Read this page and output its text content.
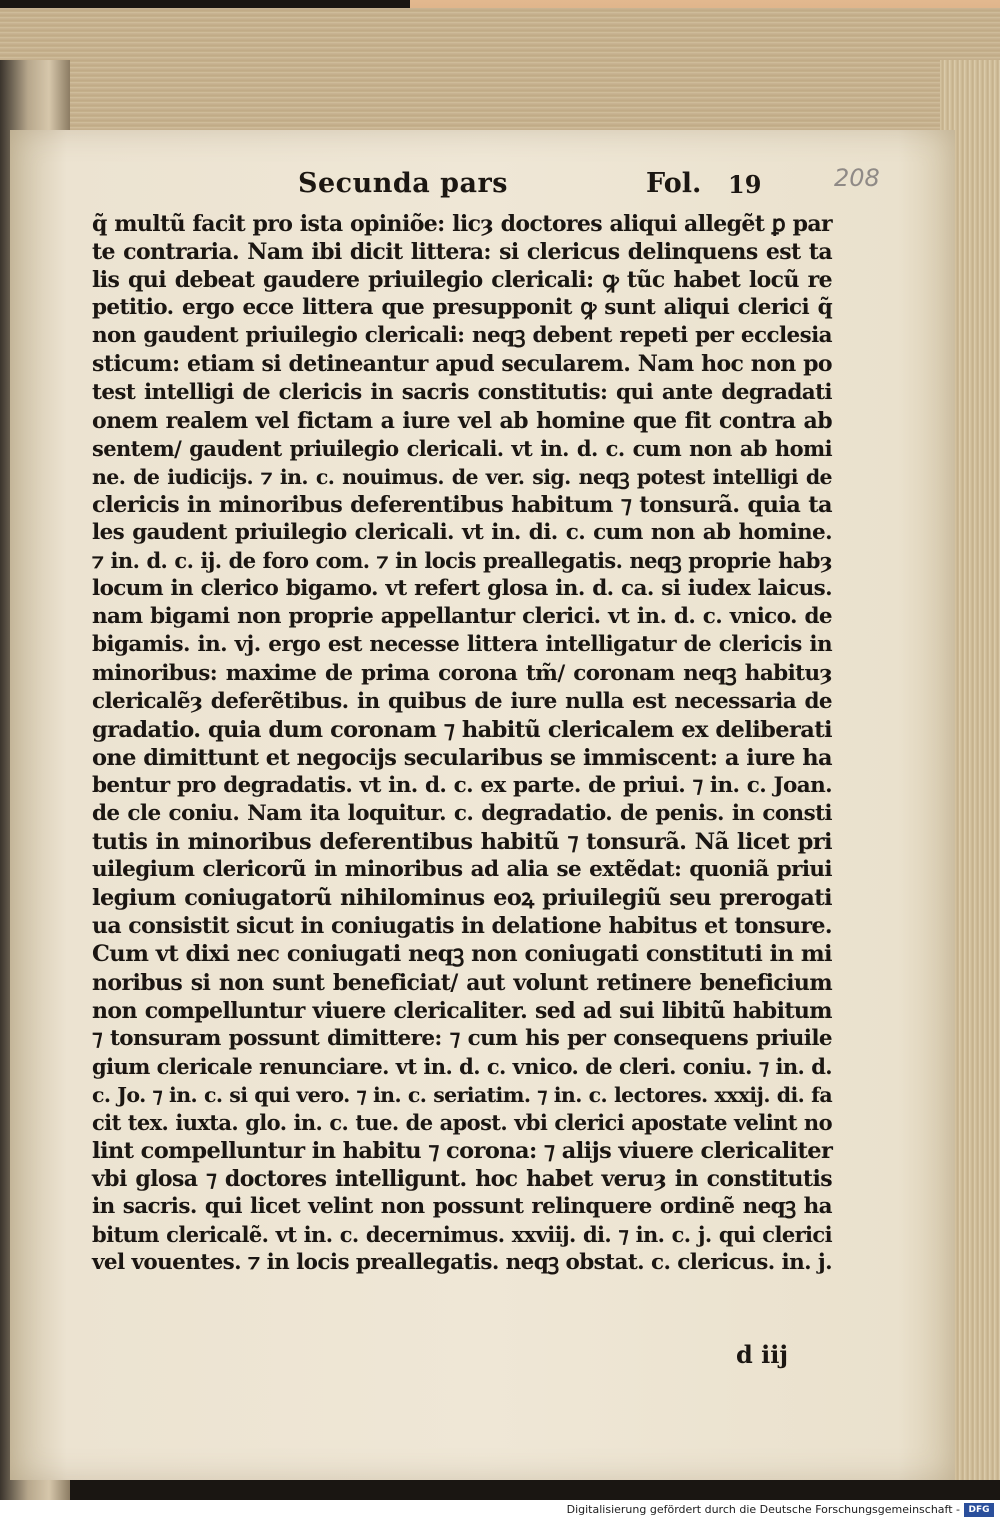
Secunda pars	Fol. 19	208
q̃ multũ facit pro ista opiniõe: licȝ doctores aliqui allegẽt ꝑ par
te contraria. Nam ibi dicit littera: si clericus delinquens est ta
lis qui debeat gaudere priuilegio clericali: ꝙ tũc habet locũ re
petitio. ergo ecce littera que presupponit ꝙ sunt aliqui clerici q̃
non gaudent priuilegio clericali: neqꝫ debent repeti per ecclesia
sticum: etiam si detineantur apud secularem. Nam hoc non po
test intelligi de clericis in sacris constitutis: qui ante degradati
onem realem vel fictam a iure vel ab homine que fit contra ab
sentem/ gaudent priuilegio clericali. vt in. d. c. cum non ab homi
ne. de iudicijs. ⁊ in. c. nouimus. de ver. sig. neqꝫ potest intelligi de
clericis in minoribus deferentibus habitum ⁊ tonsurã. quia ta
les gaudent priuilegio clericali. vt in. di. c. cum non ab homine.
⁊ in. d. c. ij. de foro com. ⁊ in locis preallegatis. neqꝫ proprie habȝ
locum in clerico bigamo. vt refert glosa in. d. ca. si iudex laicus.
nam bigami non proprie appellantur clerici. vt in. d. c. vnico. de
bigamis. in. vj. ergo est necesse littera intelligatur de clericis in
minoribus: maxime de prima corona tm̃/ coronam neqꝫ habituȝ
clericalẽȝ deferẽtibus. in quibus de iure nulla est necessaria de
gradatio. quia dum coronam ⁊ habitũ clericalem ex deliberati
one dimittunt et negocijs secularibus se immiscent: a iure ha
bentur pro degradatis. vt in. d. c. ex parte. de priui. ⁊ in. c. Joan.
de cle coniu. Nam ita loquitur. c. degradatio. de penis. in consti
tutis in minoribus deferentibus habitũ ⁊ tonsurã. Nã licet pri
uilegium clericorũ in minoribus ad alia se extẽdat: quoniã priui
legium coniugatorũ nihilominus eoꝝ priuilegiũ seu prerogati
ua consistit sicut in coniugatis in delatione habitus et tonsure.
Cum vt dixi nec coniugati neqꝫ non coniugati constituti in mi
noribus si non sunt beneficiat/ aut volunt retinere beneficium
non compelluntur viuere clericaliter. sed ad sui libitũ habitum
⁊ tonsuram possunt dimittere: ⁊ cum his per consequens priuile
gium clericale renunciare. vt in. d. c. vnico. de cleri. coniu. ⁊ in. d.
c. Jo. ⁊ in. c. si qui vero. ⁊ in. c. seriatim. ⁊ in. c. lectores. xxxij. di. fa
cit tex. iuxta. glo. in. c. tue. de apost. vbi clerici apostate velint no
lint compelluntur in habitu ⁊ corona: ⁊ alijs viuere clericaliter
vbi glosa ⁊ doctores intelligunt. hoc habet veruȝ in constitutis
in sacris. qui licet velint non possunt relinquere ordinẽ neqꝫ ha
bitum clericalẽ. vt in. c. decernimus. xxviij. di. ⁊ in. c. j. qui clerici
vel vouentes. ⁊ in locis preallegatis. neqꝫ obstat. c. clericus. in. j.
d iij
Digitalisierung gefördert durch die Deutsche Forschungsgemeinschaft - DFG
